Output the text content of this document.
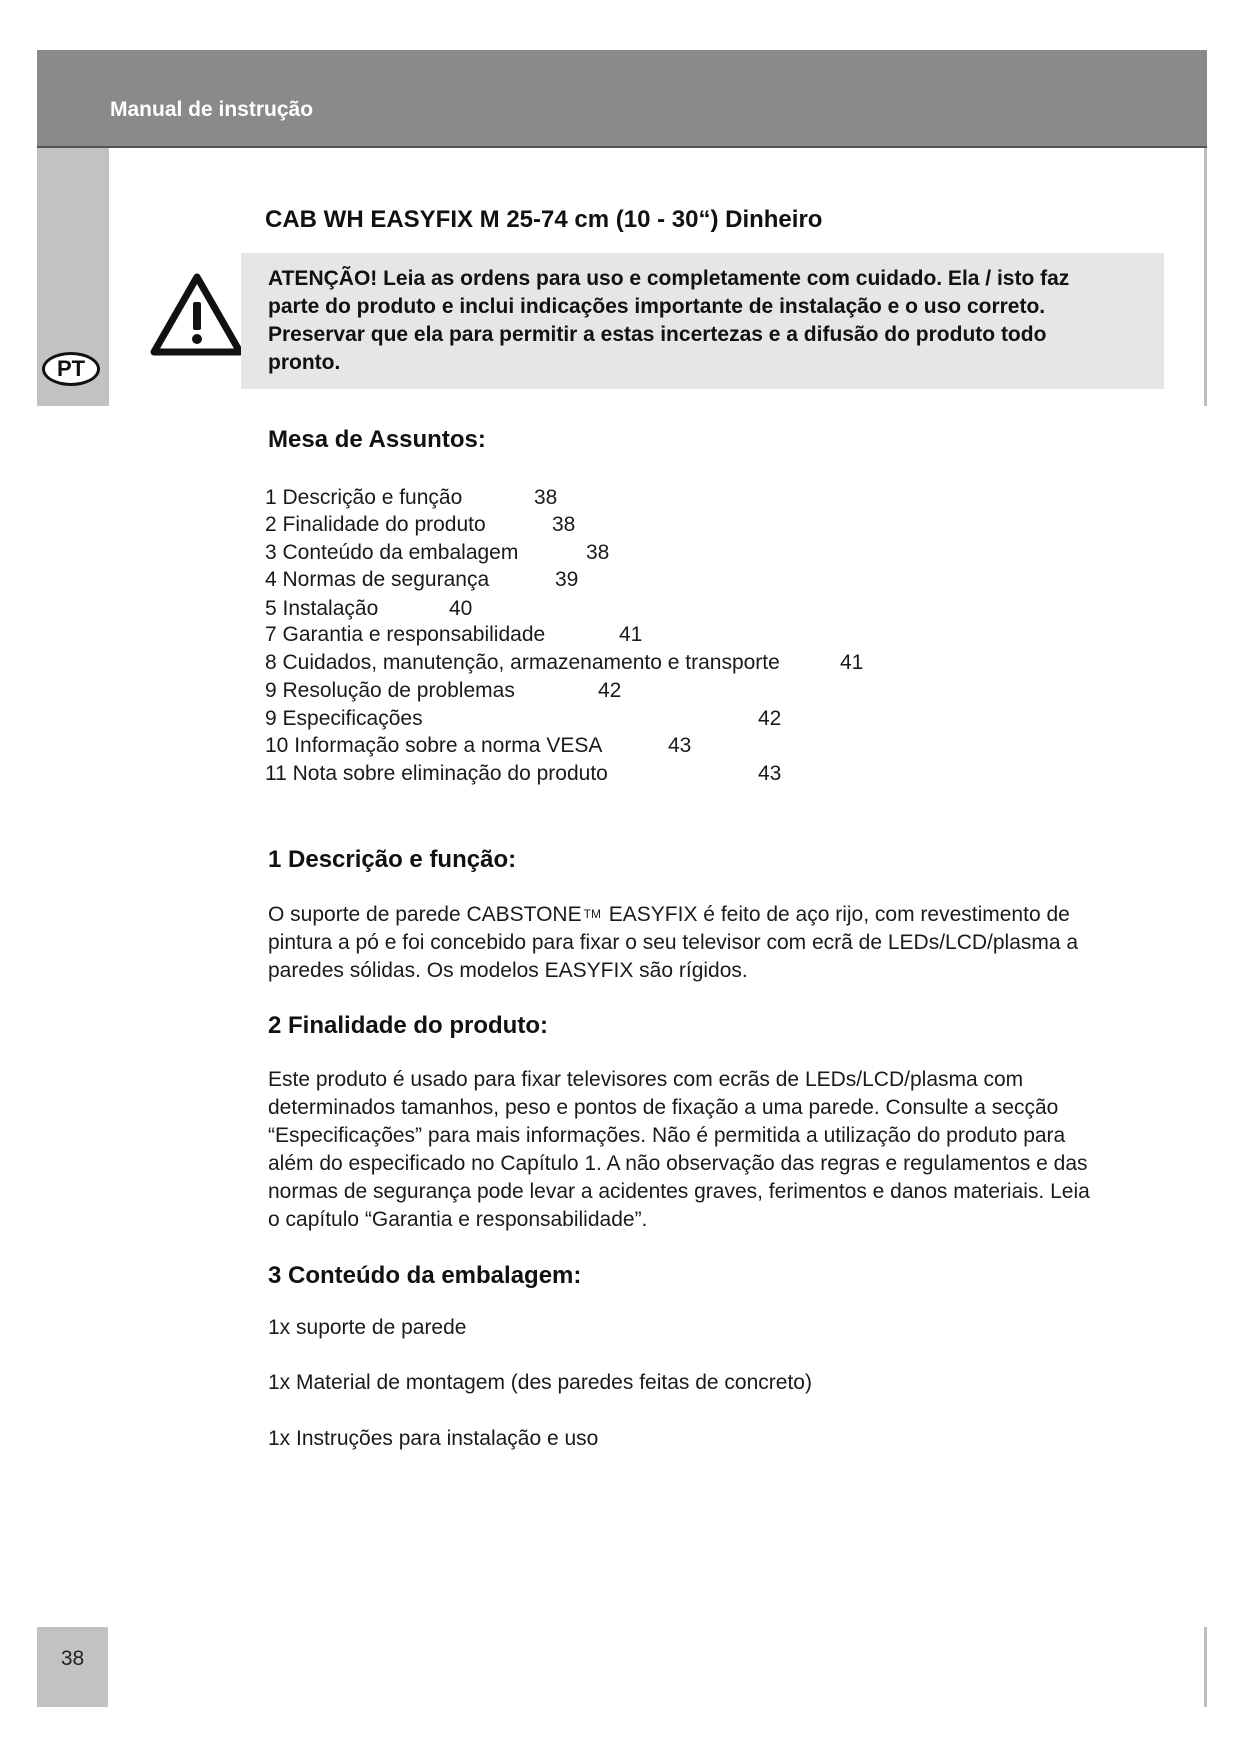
Manual de instrução
PT
CAB WH EASYFIX M 25-74 cm (10 - 30“) Dinheiro
ATENÇÃO! Leia as ordens para uso e completamente com cuidado. Ela / isto faz
parte do produto e inclui indicações importante de instalação e o uso correto.
Preservar que ela para permitir a estas incertezas e a difusão do produto todo
pronto.
Mesa de Assuntos:
1 Descrição e função	38
2 Finalidade do produto	38
3 Conteúdo da embalagem	38
4 Normas de segurança	39
5 Instalação	40
7 Garantia e responsabilidade	41
8 Cuidados, manutenção, armazenamento e transporte	41
9 Resolução de problemas	42
9 Especificações	42
10 Informação sobre a norma VESA	43
11 Nota sobre eliminação do produto	43
1 Descrição e função:
O suporte de parede CABSTONE TM EASYFIX é feito de aço rijo, com revestimento de
pintura a pó e foi concebido para fixar o seu televisor com ecrã de LEDs/LCD/plasma a
paredes sólidas. Os modelos EASYFIX são rígidos.
2 Finalidade do produto:
Este produto é usado para fixar televisores com ecrãs de LEDs/LCD/plasma com
determinados tamanhos, peso e pontos de fixação a uma parede. Consulte a secção
“Especificações” para mais informações. Não é permitida a utilização do produto para
além do especificado no Capítulo 1. A não observação das regras e regulamentos e das
normas de segurança pode levar a acidentes graves, ferimentos e danos materiais. Leia
o capítulo “Garantia e responsabilidade”.
3 Conteúdo da embalagem:
1x suporte de parede
1x Material de montagem (des paredes feitas de concreto)
1x Instruções para instalação e uso
38
